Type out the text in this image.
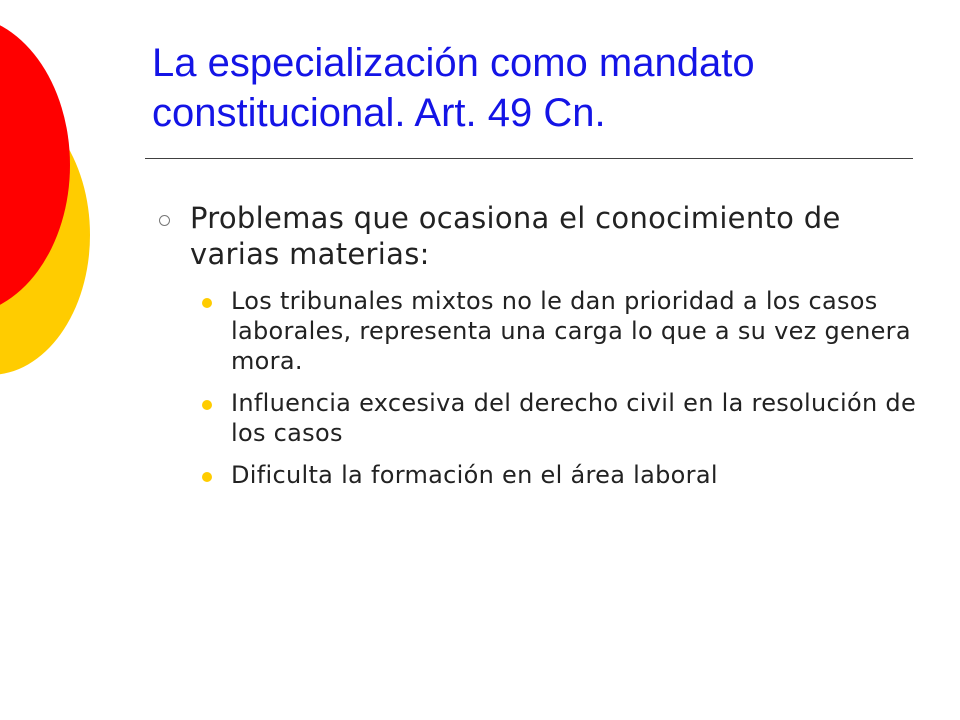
La especialización como mandato constitucional. Art. 49 Cn.
Problemas que ocasiona el conocimiento de varias materias:
Los tribunales mixtos no le dan prioridad a los casos laborales, representa una carga lo que a su vez genera mora.
Influencia excesiva del derecho civil en la resolución de los casos
Dificulta la formación en el área laboral
